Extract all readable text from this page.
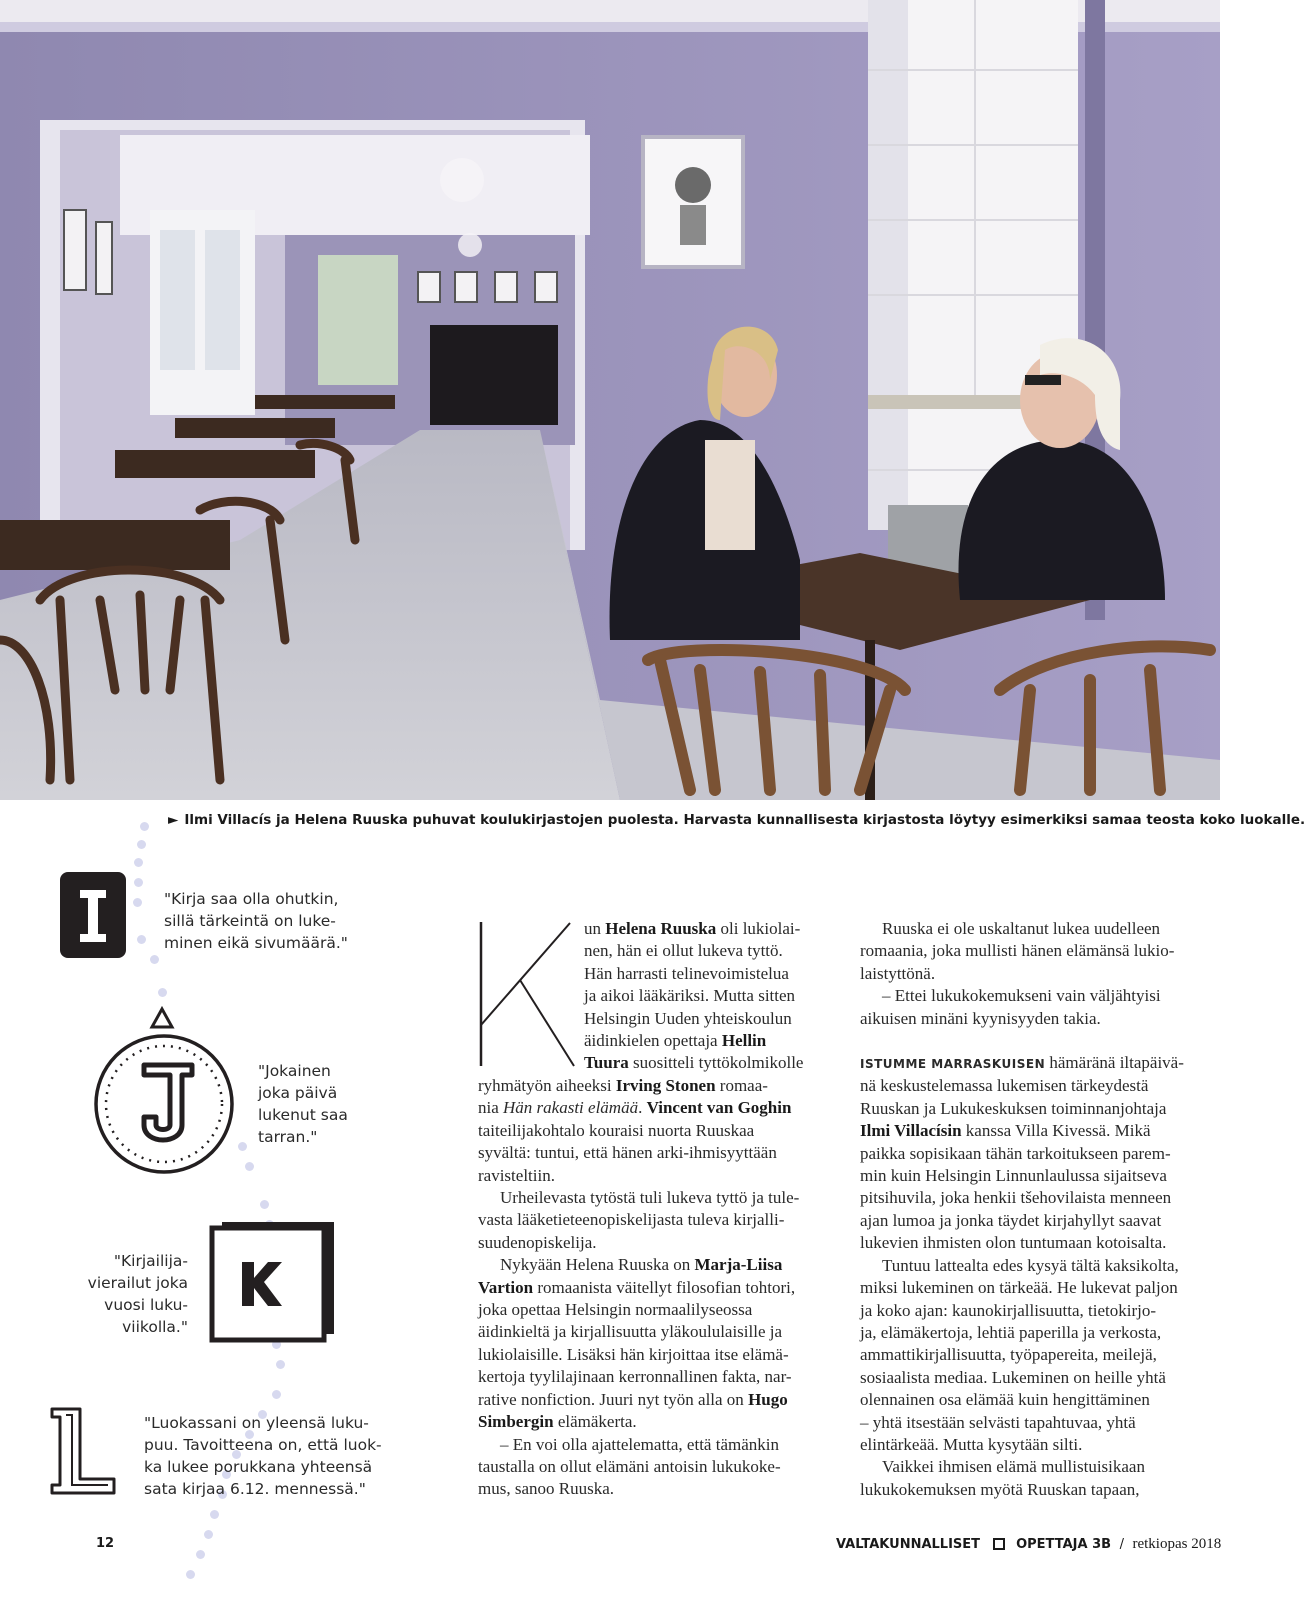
► Ilmi Villacís ja Helena Ruuska puhuvat koulukirjastojen puolesta. Harvasta kunnallisesta kirjastosta löytyy esimerkiksi samaa teosta koko luokalle.
"Kirja saa olla ohutkin,
sillä tärkeintä on luke-
minen eikä sivumäärä."
"Jokainen
joka päivä
lukenut saa
tarran."
"Kirjailija-
vierailut joka
vuosi luku-
viikolla."
"Luokassani on yleensä luku-
puu. Tavoitteena on, että luok-
ka lukee porukkana yhteensä
sata kirjaa 6.12. mennessä."
K	un Helena Ruuska oli lukiolai-
nen, hän ei ollut lukeva tyttö.
Hän harrasti telinevoimistelua
ja aikoi lääkäriksi. Mutta sitten
Helsingin Uuden yhteiskoulun
äidinkielen opettaja Hellin
Tuura suositteli tyttökolmikolle
ryhmätyön aiheeksi Irving Stonen romaa-
nia Hän rakasti elämää. Vincent van Goghin
taiteilijakohtalo kouraisi nuorta Ruuskaa
syvältä: tuntui, että hänen arki-ihmisyyttään
ravisteltiin.
Urheilevasta tytöstä tuli lukeva tyttö ja tule-
vasta lääketieteenopiskelijasta tuleva kirjalli-
suudenopiskelija.
Nykyään Helena Ruuska on Marja-Liisa
Vartion romaanista väitellyt filosofian tohtori,
joka opettaa Helsingin normaalilyseossa
äidinkieltä ja kirjallisuutta yläkoululaisille ja
lukiolaisille. Lisäksi hän kirjoittaa itse elämä-
kertoja tyylilajinaan kerronnallinen fakta, nar-
rative nonfiction. Juuri nyt työn alla on Hugo
Simbergin elämäkerta.
– En voi olla ajattelematta, että tämänkin
taustalla on ollut elämäni antoisin lukukoke-
mus, sanoo Ruuska.
Ruuska ei ole uskaltanut lukea uudelleen
romaania, joka mullisti hänen elämänsä lukio-
laistyttönä.
– Ettei lukukokemukseni vain väljähtyisi
aikuisen minäni kyynisyyden takia.
ISTUMME MARRASKUISEN hämäränä iltapäivä-
nä keskustelemassa lukemisen tärkeydestä
Ruuskan ja Lukukeskuksen toiminnanjohtaja
Ilmi Villacísin kanssa Villa Kivessä. Mikä
paikka sopisikaan tähän tarkoitukseen parem-
min kuin Helsingin Linnunlaulussa sijaitseva
pitsihuvila, joka henkii tšehovilaista menneen
ajan lumoa ja jonka täydet kirjahyllyt saavat
lukevien ihmisten olon tuntumaan kotoisalta.
Tuntuu lattealta edes kysyä tältä kaksikolta,
miksi lukeminen on tärkeää. He lukevat paljon
ja koko ajan: kaunokirjallisuutta, tietokirjo-
ja, elämäkertoja, lehtiä paperilla ja verkosta,
ammattikirjallisuutta, työpapereita, meilejä,
sosiaalista mediaa. Lukeminen on heille yhtä
olennainen osa elämää kuin hengittäminen
– yhtä itsestään selvästi tapahtuvaa, yhtä
elintärkeää. Mutta kysytään silti.
Vaikkei ihmisen elämä mullistuisikaan
lukukokemuksen myötä Ruuskan tapaan,
12	VALTAKUNNALLISET	OPETTAJA 3B / retkiopas 2018
